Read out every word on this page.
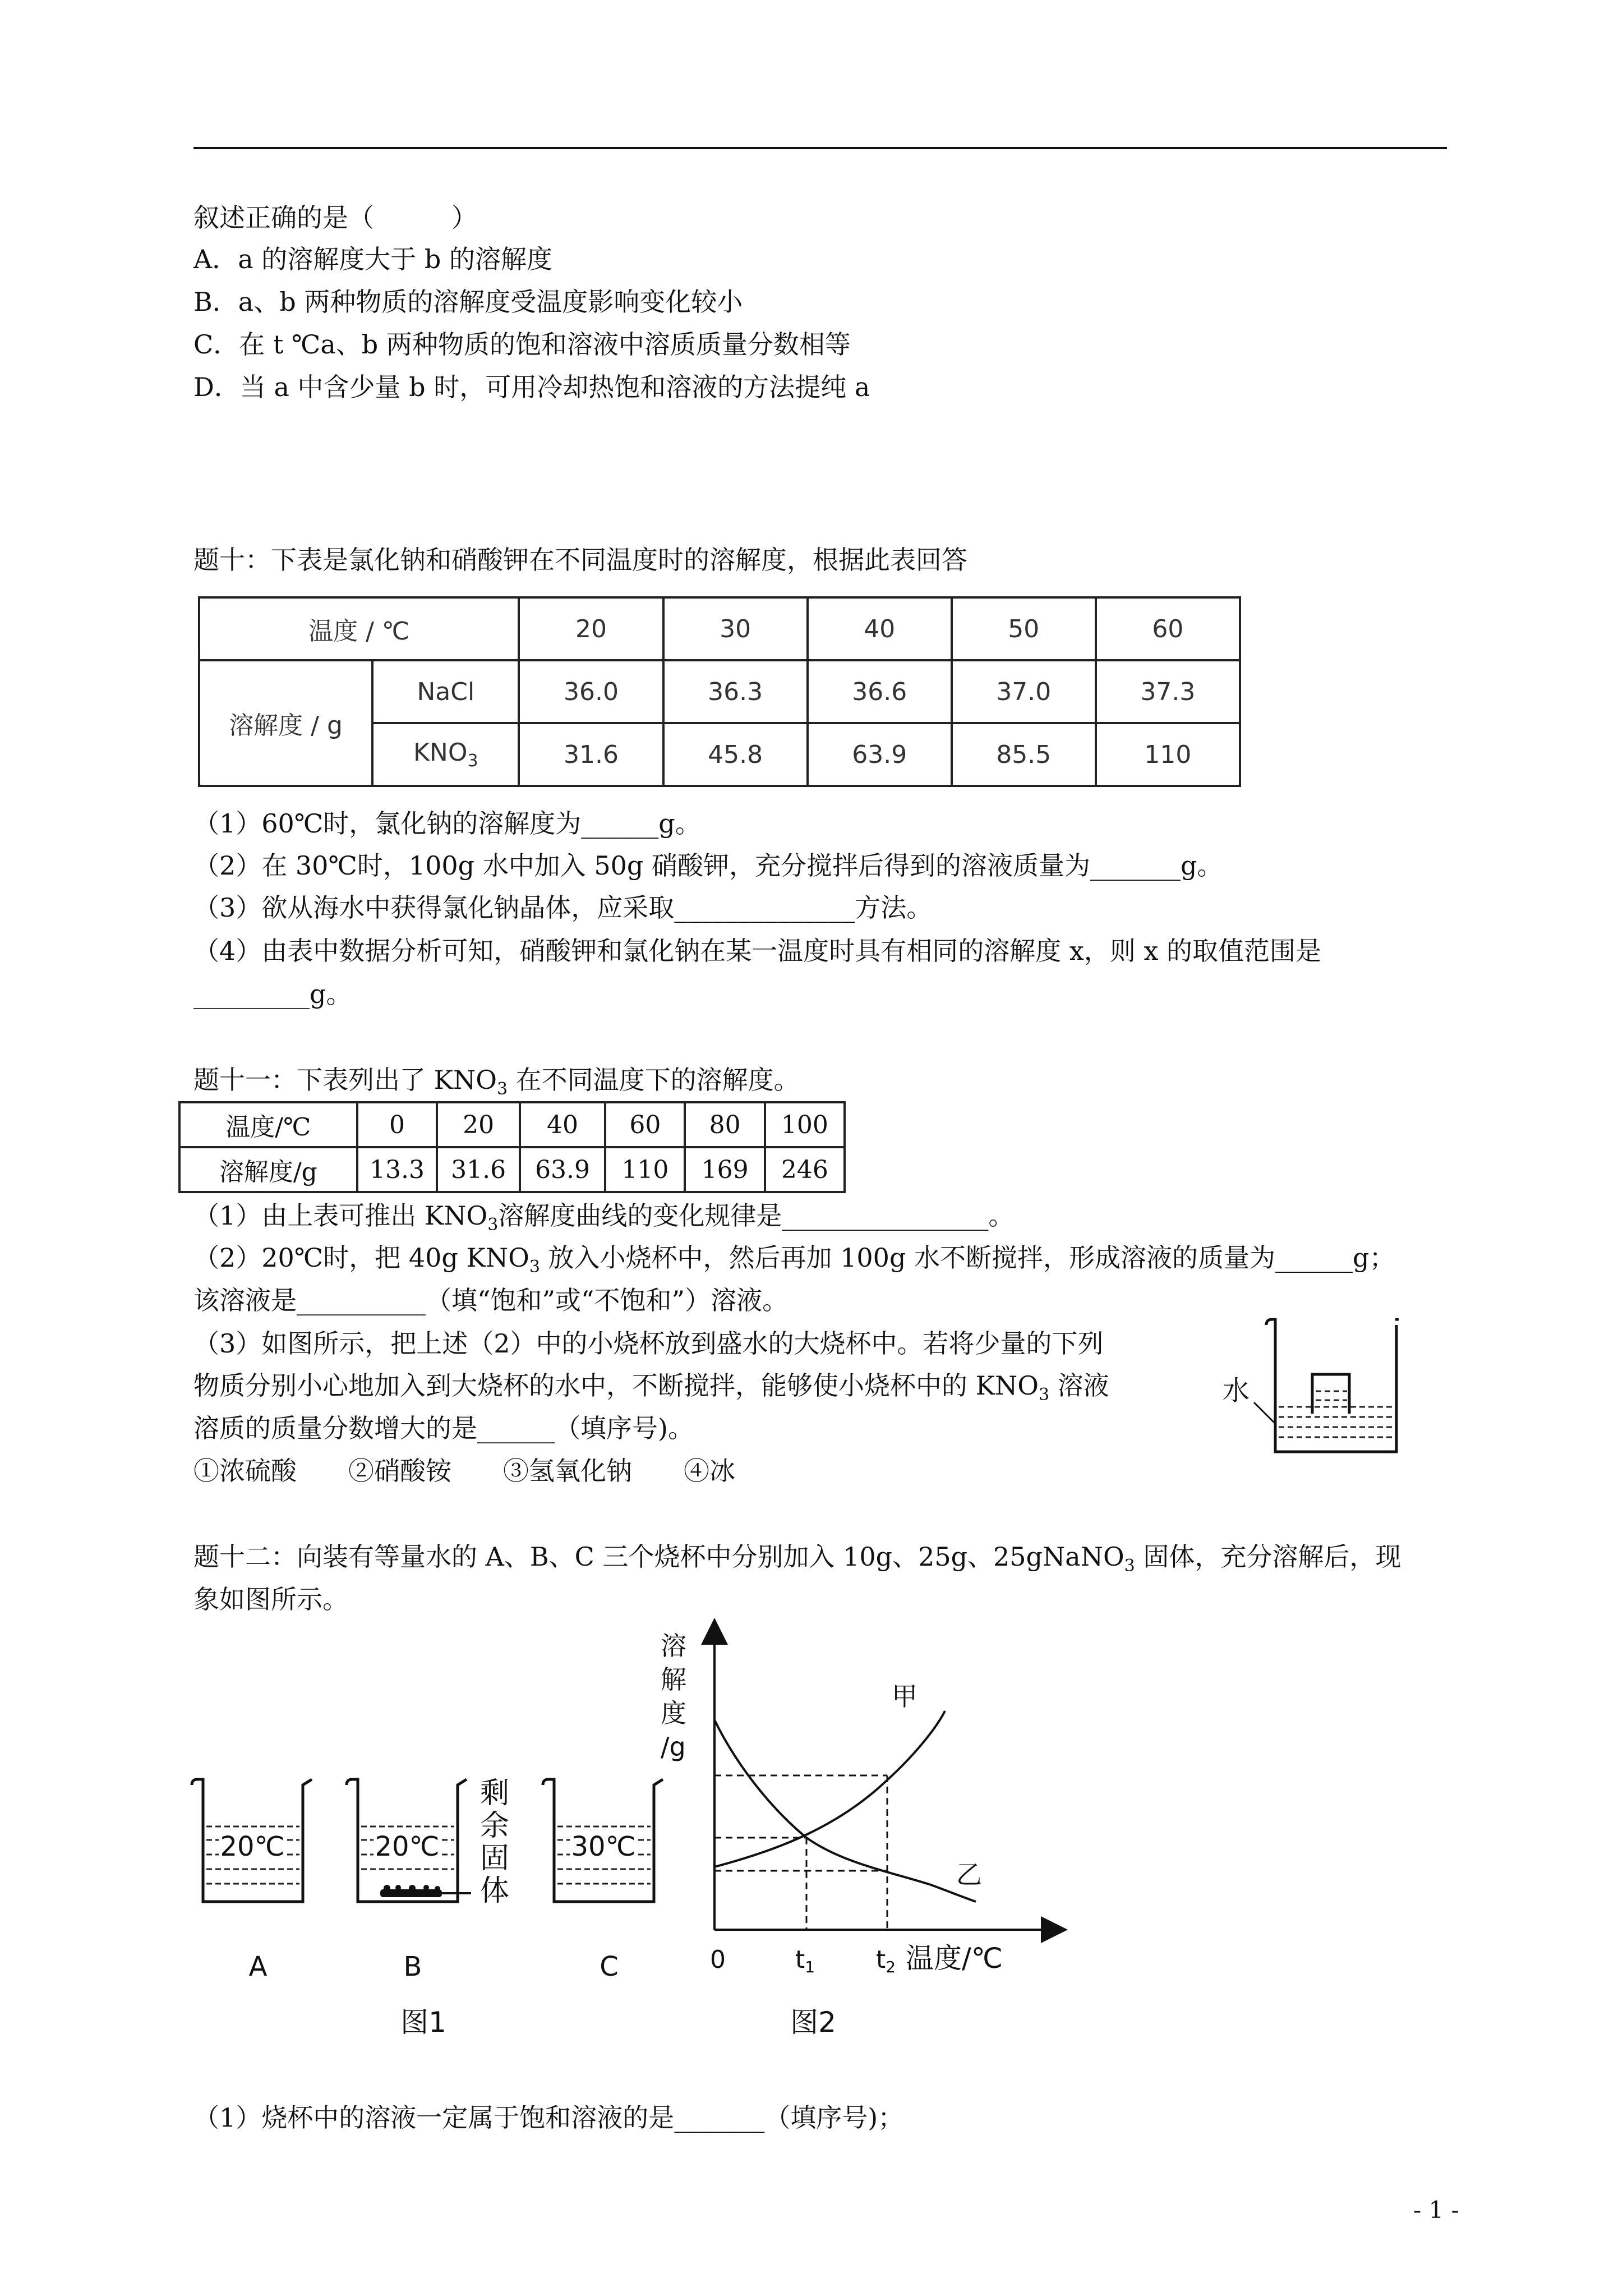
叙述正确的是（　　　）
A．a 的溶解度大于 b 的溶解度
B．a、b 两种物质的溶解度受温度影响变化较小
C．在 t ℃a、b 两种物质的饱和溶液中溶质质量分数相等
D．当 a 中含少量 b 时，可用冷却热饱和溶液的方法提纯 a
题十：下表是氯化钠和硝酸钾在不同温度时的溶解度，根据此表回答
温度 / ℃		20	30	40	50	60
溶解度 / g	NaCl	36.0	36.3	36.6	37.0	37.3
	$KNO_3$	31.6	45.8	63.9	85.5	110
（1）60℃时，氯化钠的溶解度为______g。
（2）在 30℃时，100g 水中加入 50g 硝酸钾，充分搅拌后得到的溶液质量为_______g。
（3）欲从海水中获得氯化钠晶体，应采取______________方法。
（4）由表中数据分析可知，硝酸钾和氯化钠在某一温度时具有相同的溶解度 x，则 x 的取值范围是
_________g。
题十一：下表列出了 $KNO_3$ 在不同温度下的溶解度。
温度/℃	0	20	40	60	80	100
溶解度/g	13.3	31.6	63.9	110	169	246
（1）由上表可推出 $KNO_3$溶解度曲线的变化规律是________________。
（2）20℃时，把 40g $KNO_3$ 放入小烧杯中，然后再加 100g 水不断搅拌，形成溶液的质量为______g；
该溶液是__________（填“饱和”或“不饱和”）溶液。
（3）如图所示，把上述（2）中的小烧杯放到盛水的大烧杯中。若将少量的下列
物质分别小心地加入到大烧杯的水中，不断搅拌，能够使小烧杯中的 $KNO_3$ 溶液
溶质的质量分数增大的是______（填序号)。
①浓硫酸　　②硝酸铵　　③氢氧化钠　　④冰
水
题十二：向装有等量水的 A、B、C 三个烧杯中分别加入 10g、25g、25gNaNO$_3$ 固体，充分溶解后，现
象如图所示。
20℃	20℃	30℃
剩
余
固
体
A	B	C
图1
溶
解
度
/g
甲
乙
0	t1 t2 温度/℃
图2
（1）烧杯中的溶液一定属于饱和溶液的是_______（填序号)；
- 1 -
